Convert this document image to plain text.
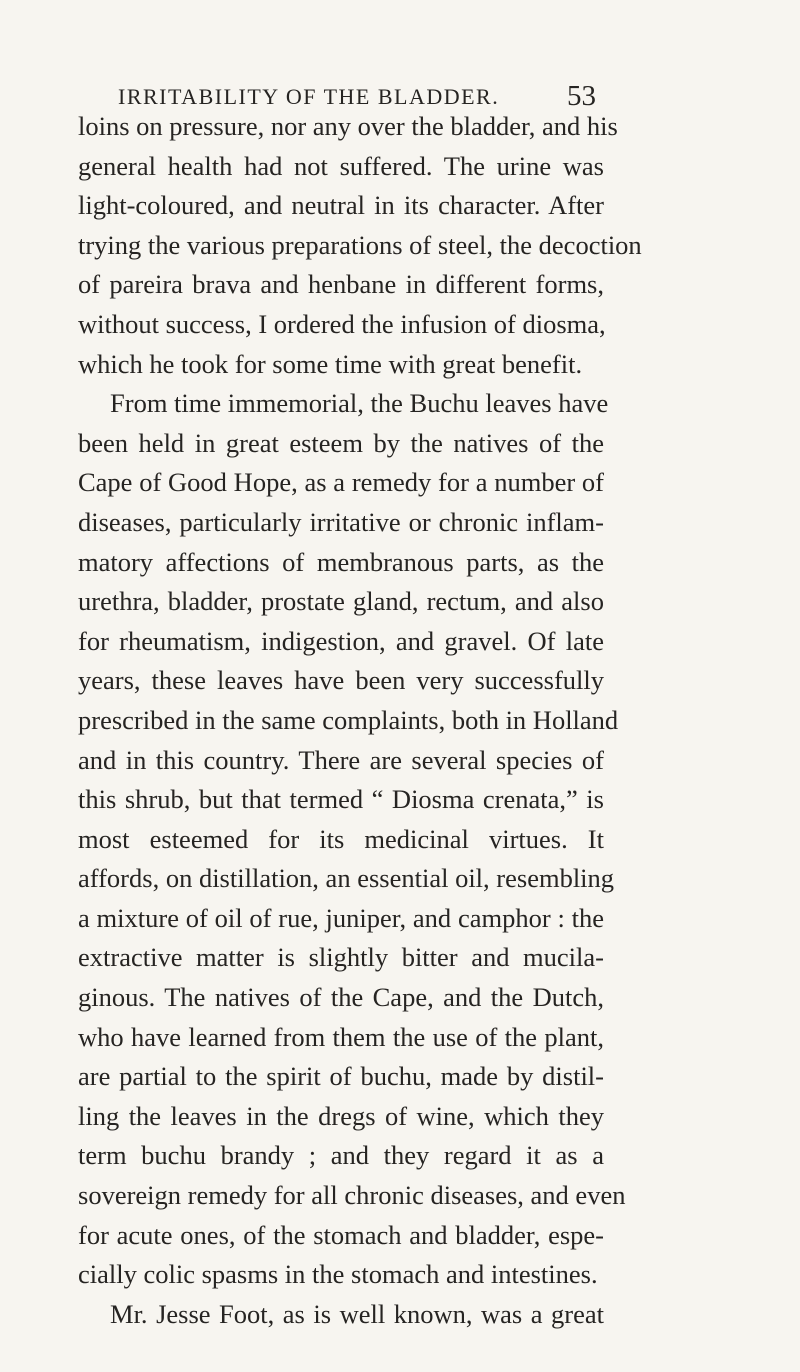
IRRITABILITY OF THE BLADDER. 53
loins on pressure, nor any over the bladder, and his
general health had not suffered. The urine was
light-coloured, and neutral in its character. After
trying the various preparations of steel, the decoction
of pareira brava and henbane in different forms,
without success, I ordered the infusion of diosma,
which he took for some time with great benefit.
From time immemorial, the Buchu leaves have
been held in great esteem by the natives of the
Cape of Good Hope, as a remedy for a number of
diseases, particularly irritative or chronic inflam-
matory affections of membranous parts, as the
urethra, bladder, prostate gland, rectum, and also
for rheumatism, indigestion, and gravel. Of late
years, these leaves have been very successfully
prescribed in the same complaints, both in Holland
and in this country. There are several species of
this shrub, but that termed “ Diosma crenata,” is
most esteemed for its medicinal virtues. It
affords, on distillation, an essential oil, resembling
a mixture of oil of rue, juniper, and camphor : the
extractive matter is slightly bitter and mucila-
ginous. The natives of the Cape, and the Dutch,
who have learned from them the use of the plant,
are partial to the spirit of buchu, made by distil-
ling the leaves in the dregs of wine, which they
term buchu brandy ; and they regard it as a
sovereign remedy for all chronic diseases, and even
for acute ones, of the stomach and bladder, espe-
cially colic spasms in the stomach and intestines.
Mr. Jesse Foot, as is well known, was a great
